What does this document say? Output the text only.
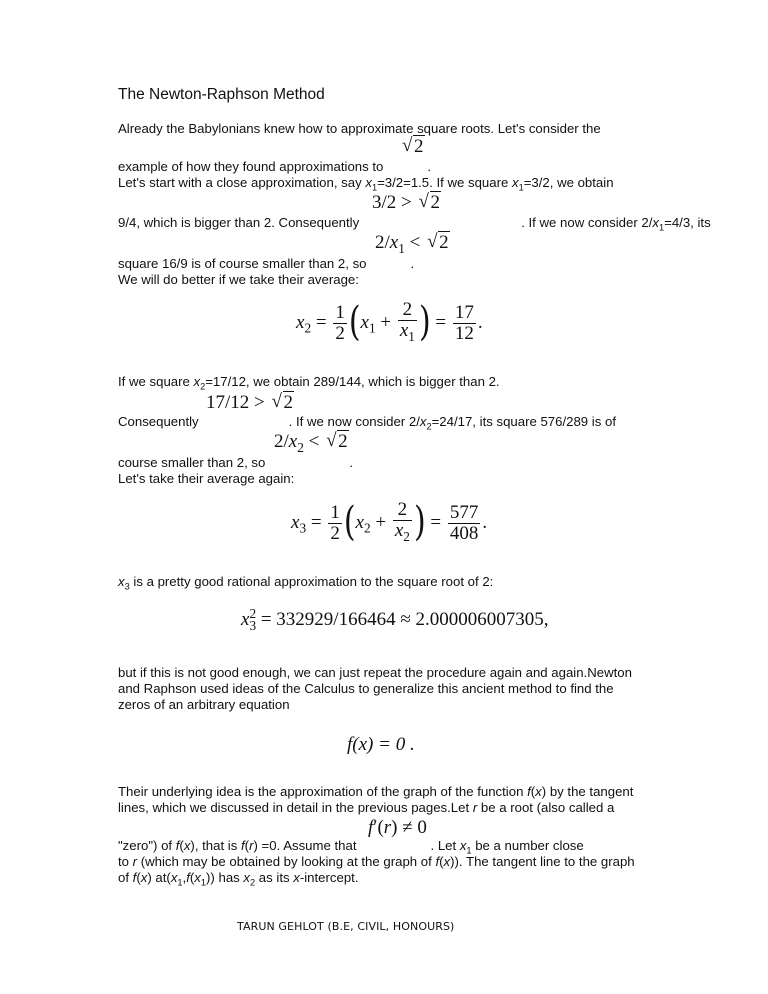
The Newton-Raphson Method
Already the Babylonians knew how to approximate square roots. Let's consider the
√ 2
example of how they found approximations to	.
Let's start with a close approximation, say $x_1=3/2=1.5$. If we square $x_1=3/2$, we obtain
3/2 > √ 2
9/4, which is bigger than 2. Consequently	. If we now consider $2/x_1=4/3$, its
$2/x_1$ < √ 2
square 16/9 is of course smaller than 2, so	.
We will do better if we take their average:
$x_2 = \frac{1}{2} (x_1 + \frac{2}{x_1}$ ) = $\frac{17}{12}$ .
If we square $x_2=17/12$, we obtain 289/144, which is bigger than 2.
17/12 > √ 2
Consequently	. If we now consider $2/x_2=24/17$, its square 576/289 is of
$2/x_2$ < √ 2
course smaller than 2, so	.
Let's take their average again:
$x_3 = \frac{1}{2} (x_2 + \frac{2}{x_2}$ ) = $\frac{577}{408}$ .
$x_3$ is a pretty good rational approximation to the square root of 2:
x $_{2 3}$ = 332929/166464 ≈ 2.000006007305,
but if this is not good enough, we can just repeat the procedure again and again.Newton
and Raphson used ideas of the Calculus to generalize this ancient method to find the
zeros of an arbitrary equation
f(x) = 0 .
Their underlying idea is the approximation of the graph of the function f(x) by the tangent
lines, which we discussed in detail in the previous pages.Let r be a root (also called a
f′(r) ≠ 0
"zero") of f(x), that is f(r) =0. Assume that	. Let $x_1$ be a number close
to r (which may be obtained by looking at the graph of f(x)). The tangent line to the graph
of f(x) $at(x_1,f(x_1))$ has $x_2$ as its x-intercept.
TARUN GEHLOT (B.E, CIVIL, HONOURS)
